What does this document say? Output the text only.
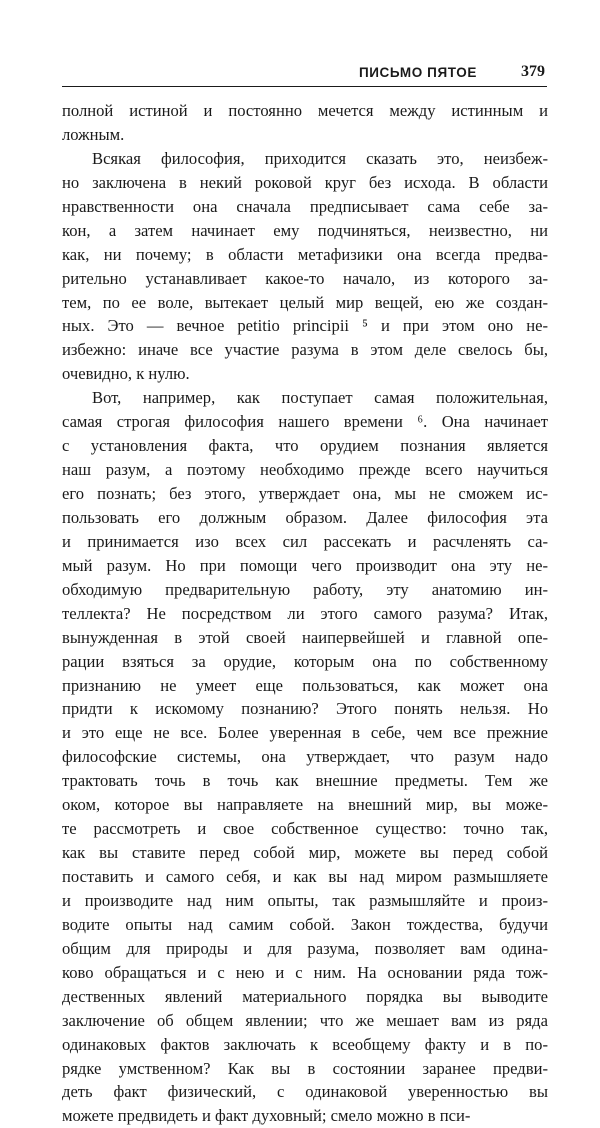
ПИСЬМО ПЯТОЕ	379
полной истиной и постоянно мечется между истинным и
ложным.
Всякая философия, приходится сказать это, неизбеж-
но заключена в некий роковой круг без исхода. В области
нравственности она сначала предписывает сама себе за-
кон, а затем начинает ему подчиняться, неизвестно, ни
как, ни почему; в области метафизики она всегда предва-
рительно устанавливает какое-то начало, из которого за-
тем, по ее воле, вытекает целый мир вещей, ею же создан-
ных. Это — вечное petitio principii ⁵ и при этом оно не-
избежно: иначе все участие разума в этом деле свелось бы,
очевидно, к нулю.
Вот, например, как поступает самая положительная,
самая строгая философия нашего времени ⁶. Она начинает
с установления факта, что орудием познания является
наш разум, а поэтому необходимо прежде всего научиться
его познать; без этого, утверждает она, мы не сможем ис-
пользовать его должным образом. Далее философия эта
и принимается изо всех сил рассекать и расчленять са-
мый разум. Но при помощи чего производит она эту не-
обходимую предварительную работу, эту анатомию ин-
теллекта? Не посредством ли этого самого разума? Итак,
вынужденная в этой своей наипервейшей и главной опе-
рации взяться за орудие, которым она по собственному
признанию не умеет еще пользоваться, как может она
придти к искомому познанию? Этого понять нельзя. Но
и это еще не все. Более уверенная в себе, чем все прежние
философские системы, она утверждает, что разум надо
трактовать точь в точь как внешние предметы. Тем же
оком, которое вы направляете на внешний мир, вы може-
те рассмотреть и свое собственное существо: точно так,
как вы ставите перед собой мир, можете вы перед собой
поставить и самого себя, и как вы над миром размышляете
и производите над ним опыты, так размышляйте и произ-
водите опыты над самим собой. Закон тождества, будучи
общим для природы и для разума, позволяет вам одина-
ково обращаться и с нею и с ним. На основании ряда тож-
дественных явлений материального порядка вы выводите
заключение об общем явлении; что же мешает вам из ряда
одинаковых фактов заключать к всеобщему факту и в по-
рядке умственном? Как вы в состоянии заранее предви-
деть факт физический, с одинаковой уверенностью вы
можете предвидеть и факт духовный; смело можно в пси-
